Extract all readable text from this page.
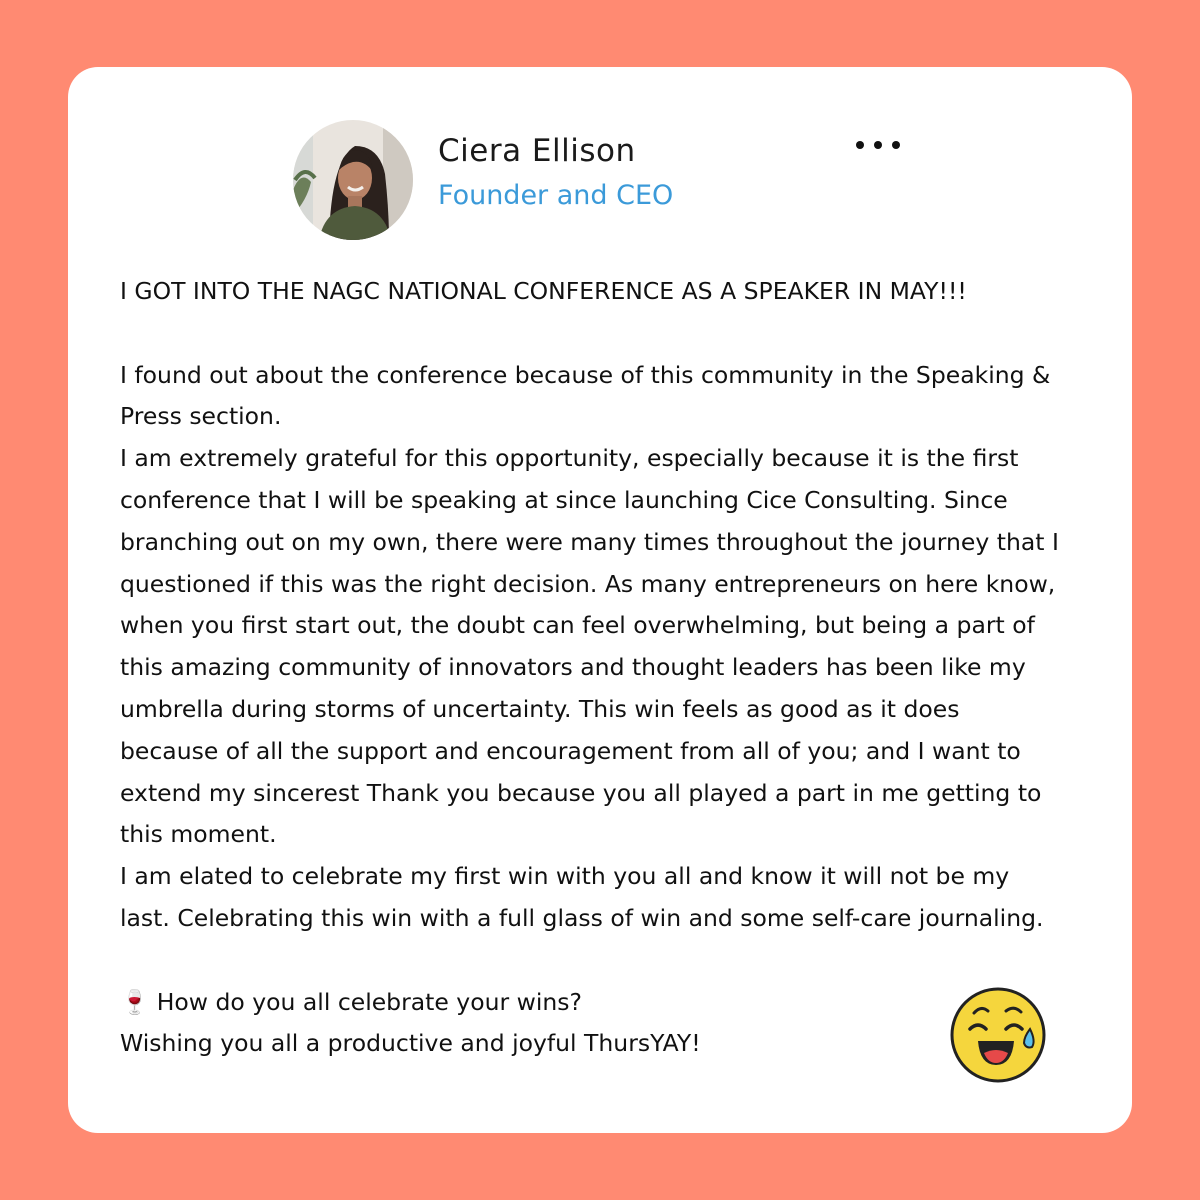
Ciera Ellison
Founder and CEO

I GOT INTO THE NAGC NATIONAL CONFERENCE AS A SPEAKER IN MAY!!!

I found out about the conference because of this community in the Speaking &

Press section.

I am extremely grateful for this opportunity, especially because it is the first

conference that I will be speaking at since launching Cice Consulting. Since

branching out on my own, there were many times throughout the journey that I

questioned if this was the right decision. As many entrepreneurs on here know,

when you first start out, the doubt can feel overwhelming, but being a part of

this amazing community of innovators and thought leaders has been like my

umbrella during storms of uncertainty. This win feels as good as it does

because of all the support and encouragement from all of you; and I want to

extend my sincerest Thank you because you all played a part in me getting to

this moment.

I am elated to celebrate my first win with you all and know it will not be my

last. Celebrating this win with a full glass of win and some self-care journaling.

🍷 How do you all celebrate your wins?

Wishing you all a productive and joyful ThursYAY!
